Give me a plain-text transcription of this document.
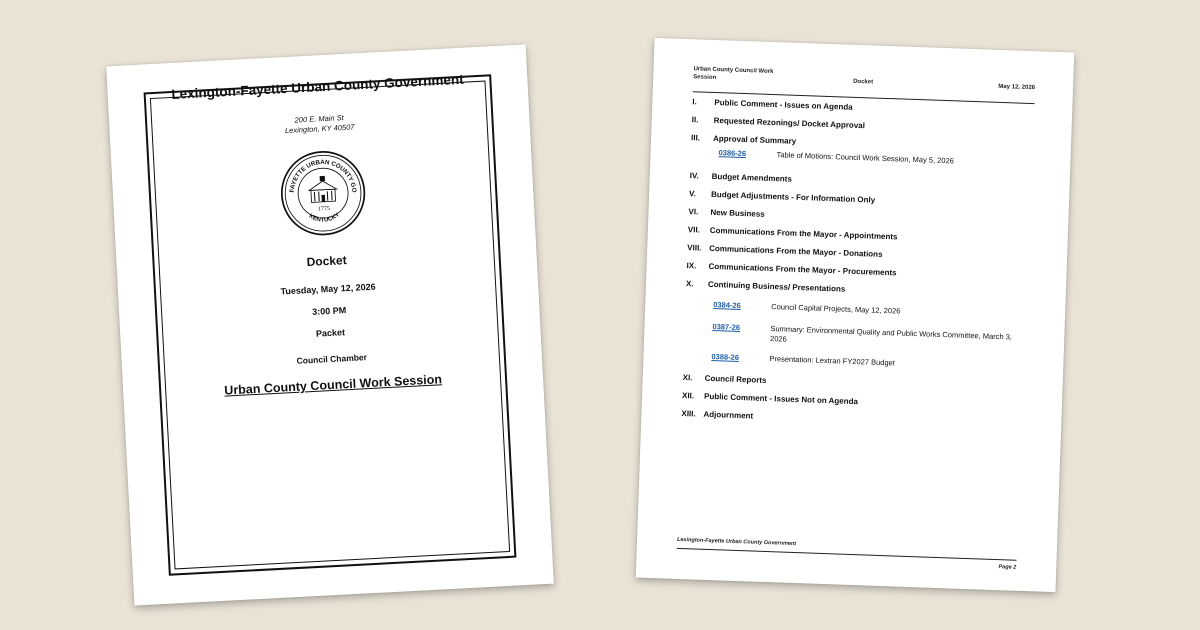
Lexington-Fayette Urban County Government
200 E. Main St
Lexington, KY 40507
LEXINGTON FAYETTE URBAN COUNTY GOVERNMENT
KENTUCKY
1775
Docket
Tuesday, May 12, 2026
3:00 PM
Packet
Council Chamber
Urban County Council Work Session
Urban County Council Work Session
Docket
May 12, 2026
I.	Public Comment - Issues on Agenda
II.	Requested Rezonings/ Docket Approval
III.	Approval of Summary
0386-26	Table of Motions: Council Work Session, May 5, 2026
IV.	Budget Amendments
V.	Budget Adjustments - For Information Only
VI.	New Business
VII.	Communications From the Mayor - Appointments
VIII. Communications From the Mayor - Donations
IX.	Communications From the Mayor - Procurements
X.	Continuing Business/ Presentations
0384-26	Council Capital Projects, May 12, 2026
0387-26	Summary: Environmental Quality and Public Works Committee, March 3, 2026
0388-26	Presentation: Lextran FY2027 Budget
XI.	Council Reports
XII.	Public Comment - Issues Not on Agenda
XIII. Adjournment
Lexington-Fayette Urban County Government
Page 2
